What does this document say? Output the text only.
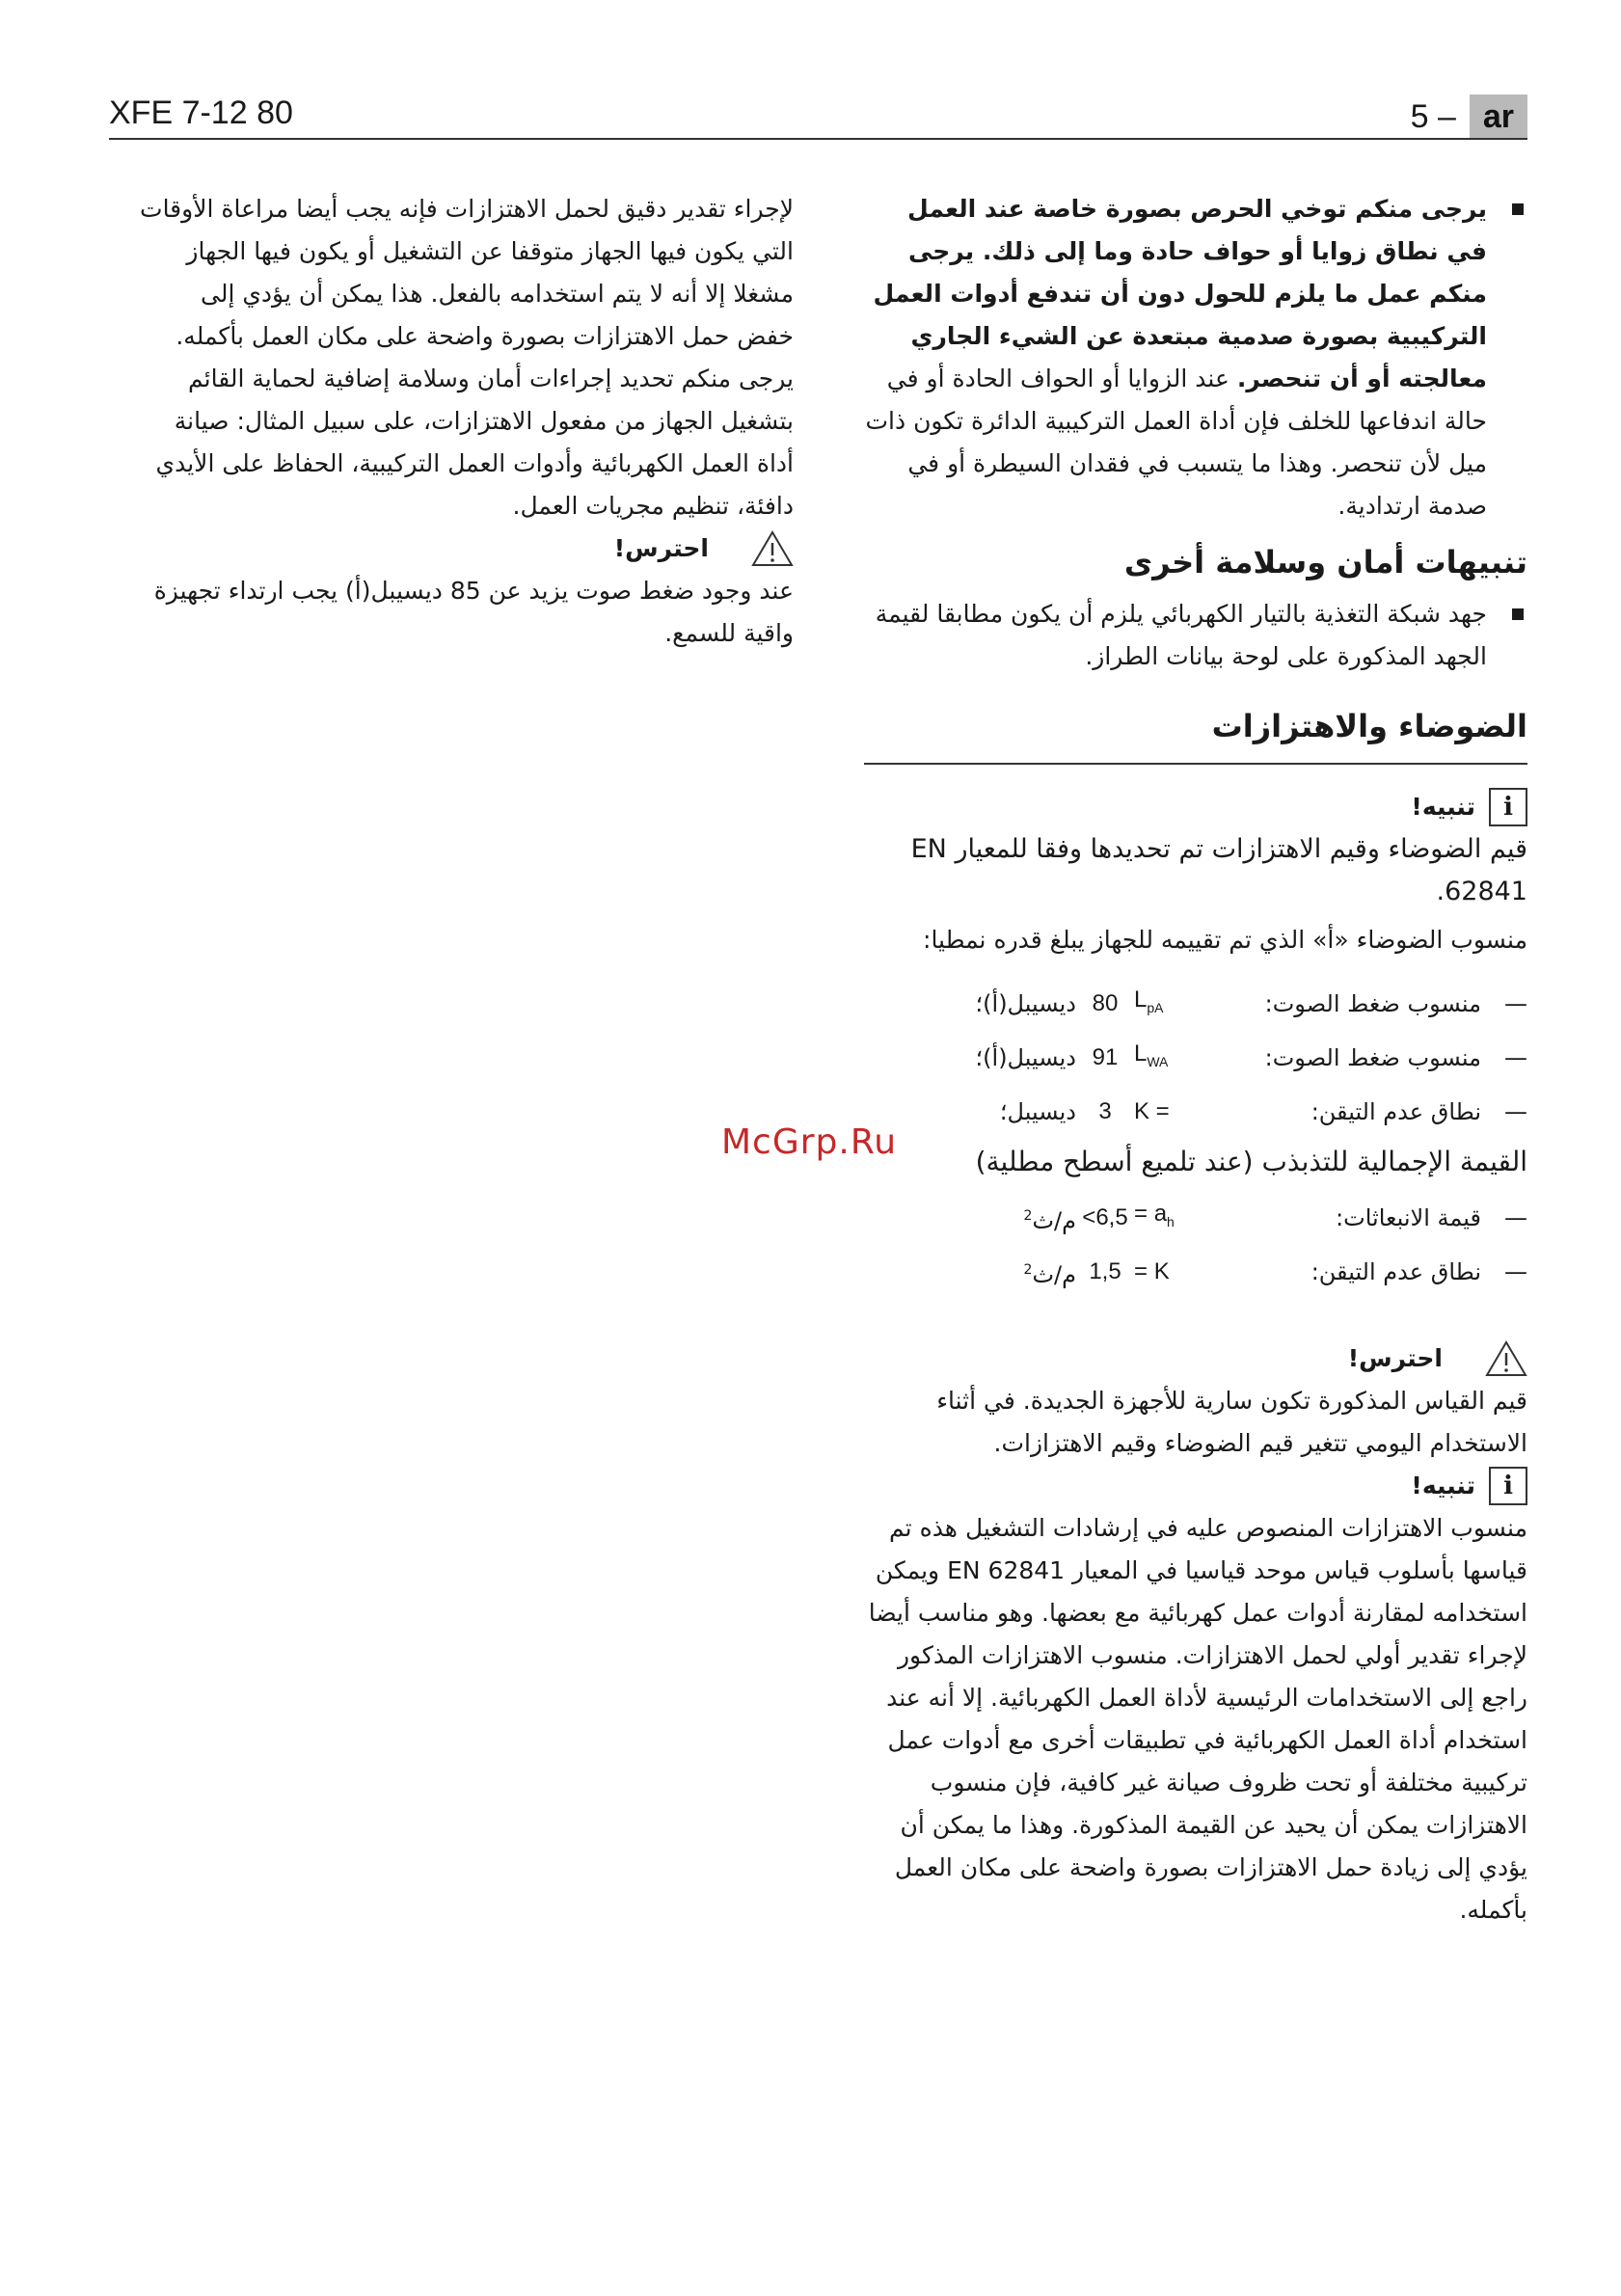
XFE 7-12 80	5 – ar

يرجى منكم توخي الحرص بصورة خاصة عند العمل في نطاق زوايا أو حواف حادة وما إلى ذلك. يرجى منكم عمل ما يلزم للحول دون أن تندفع أدوات العمل التركيبية بصورة صدمية مبتعدة عن الشيء الجاري معالجته أو أن تنحصر. عند الزوايا أو الحواف الحادة أو في حالة اندفاعها للخلف فإن أداة العمل التركيبية الدائرة تكون ذات ميل لأن تنحصر. وهذا ما يتسبب في فقدان السيطرة أو في صدمة ارتدادية.

تنبيهات أمان وسلامة أخرى

جهد شبكة التغذية بالتيار الكهربائي يلزم أن يكون مطابقا لقيمة الجهد المذكورة على لوحة بيانات الطراز.

الضوضاء والاهتزازات
i
تنبيه!

قيم الضوضاء وقيم الاهتزازات تم تحديدها وفقا للمعيار EN 62841.

منسوب الضوضاء «أ» الذي تم تقييمه للجهاز يبلغ قدره نمطيا:

—
منسوب ضغط الصوت:
$L_{pA}$
80
ديسيبل(أ)؛
—
منسوب ضغط الصوت:
$L_{WA}$
91
ديسيبل(أ)؛
—
نطاق عدم التيقن:
K =
3
ديسيبل؛

القيمة الإجمالية للتذبذب (عند تلميع أسطح مطلية)

—
قيمة الانبعاثات:
= $a_h$
<6,5
م/ث$^2$
—
نطاق عدم التيقن:
= K
1,5
م/ث$^2$
احترس!

قيم القياس المذكورة تكون سارية للأجهزة الجديدة. في أثناء الاستخدام اليومي تتغير قيم الضوضاء وقيم الاهتزازات.

i
تنبيه!

منسوب الاهتزازات المنصوص عليه في إرشادات التشغيل هذه تم قياسها بأسلوب قياس موحد قياسيا في المعيار EN 62841 ويمكن استخدامه لمقارنة أدوات عمل كهربائية مع بعضها. وهو مناسب أيضا لإجراء تقدير أولي لحمل الاهتزازات. منسوب الاهتزازات المذكور راجع إلى الاستخدامات الرئيسية لأداة العمل الكهربائية. إلا أنه عند استخدام أداة العمل الكهربائية في تطبيقات أخرى مع أدوات عمل تركيبية مختلفة أو تحت ظروف صيانة غير كافية، فإن منسوب الاهتزازات يمكن أن يحيد عن القيمة المذكورة. وهذا ما يمكن أن يؤدي إلى زيادة حمل الاهتزازات بصورة واضحة على مكان العمل بأكمله.

لإجراء تقدير دقيق لحمل الاهتزازات فإنه يجب أيضا مراعاة الأوقات التي يكون فيها الجهاز متوقفا عن التشغيل أو يكون فيها الجهاز مشغلا إلا أنه لا يتم استخدامه بالفعل. هذا يمكن أن يؤدي إلى خفض حمل الاهتزازات بصورة واضحة على مكان العمل بأكمله.

يرجى منكم تحديد إجراءات أمان وسلامة إضافية لحماية القائم بتشغيل الجهاز من مفعول الاهتزازات، على سبيل المثال: صيانة أداة العمل الكهربائية وأدوات العمل التركيبية، الحفاظ على الأيدي دافئة، تنظيم مجريات العمل.

احترس!

عند وجود ضغط صوت يزيد عن 85 ديسيبل(أ) يجب ارتداء تجهيزة واقية للسمع.

McGrp.Ru
